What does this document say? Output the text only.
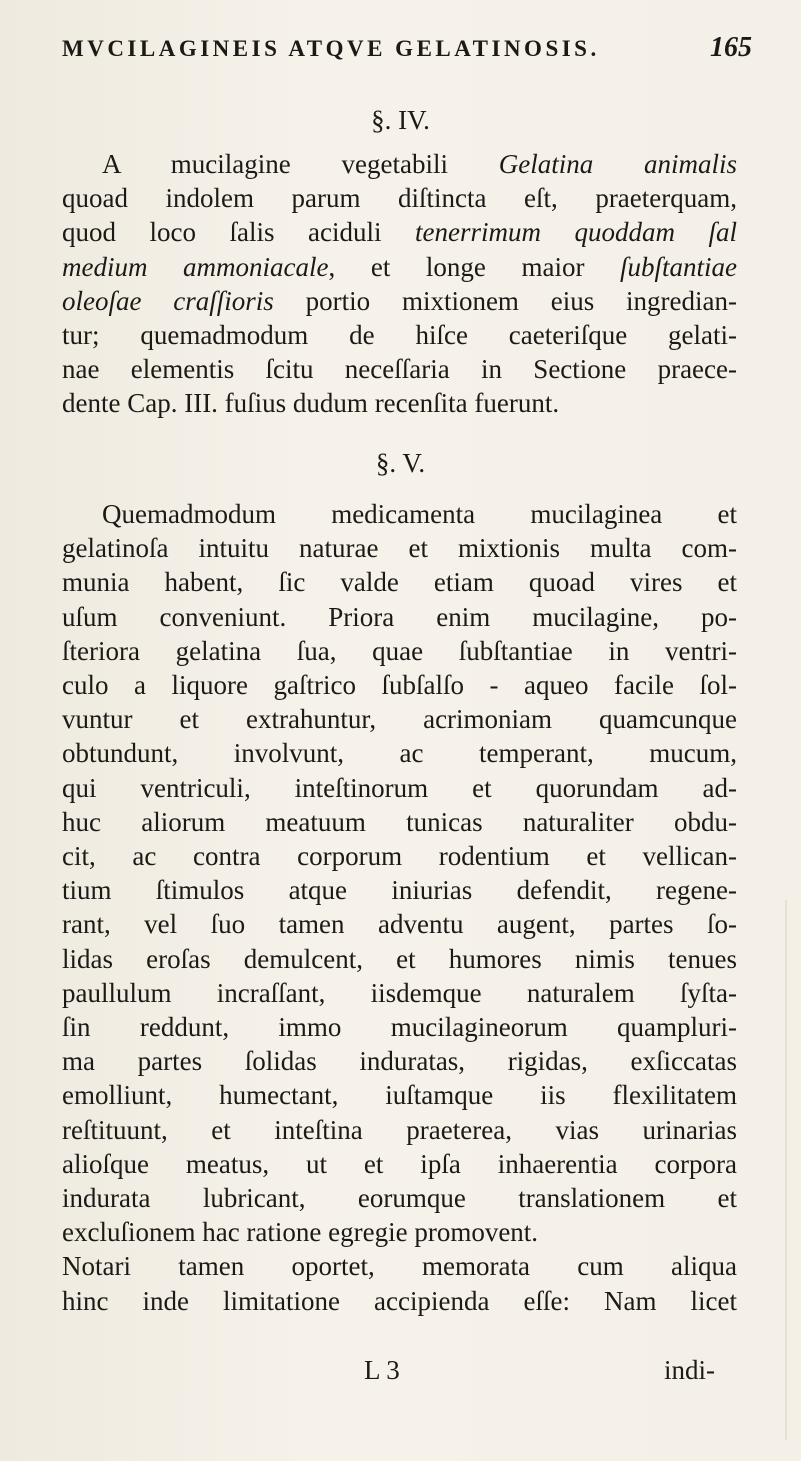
MVCILAGINEIS ATQVE GELATINOSIS.	165
§. IV.
A mucilagine vegetabili Gelatina animalis
quoad indolem parum diſtincta eſt, praeterquam,
quod loco ſalis aciduli tenerrimum quoddam ſal
medium ammoniacale, et longe maior ſubſtantiae
oleoſae craſſioris portio mixtionem eius ingredian-
tur; quemadmodum de hiſce caeteriſque gelati-
nae elementis ſcitu neceſſaria in Sectione praece-
dente Cap. III. fuſius dudum recenſita fuerunt.
§. V.
Quemadmodum medicamenta mucilaginea et
gelatinoſa intuitu naturae et mixtionis multa com-
munia habent, ſic valde etiam quoad vires et
uſum conveniunt. Priora enim mucilagine, po-
ſteriora gelatina ſua, quae ſubſtantiae in ventri-
culo a liquore gaſtrico ſubſalſo - aqueo facile ſol-
vuntur et extrahuntur, acrimoniam quamcunque
obtundunt, involvunt, ac temperant, mucum,
qui ventriculi, inteſtinorum et quorundam ad-
huc aliorum meatuum tunicas naturaliter obdu-
cit, ac contra corporum rodentium et vellican-
tium ſtimulos atque iniurias defendit, regene-
rant, vel ſuo tamen adventu augent, partes ſo-
lidas eroſas demulcent, et humores nimis tenues
paullulum incraſſant, iisdemque naturalem ſyſta-
ſin reddunt, immo mucilagineorum quampluri-
ma partes ſolidas induratas, rigidas, exſiccatas
emolliunt, humectant, iuſtamque iis flexilitatem
reſtituunt, et inteſtina praeterea, vias urinarias
alioſque meatus, ut et ipſa inhaerentia corpora
indurata lubricant, eorumque translationem et
excluſionem hac ratione egregie promovent.
Notari tamen oportet, memorata cum aliqua
hinc inde limitatione accipienda eſſe: Nam licet
L 3	indi-
